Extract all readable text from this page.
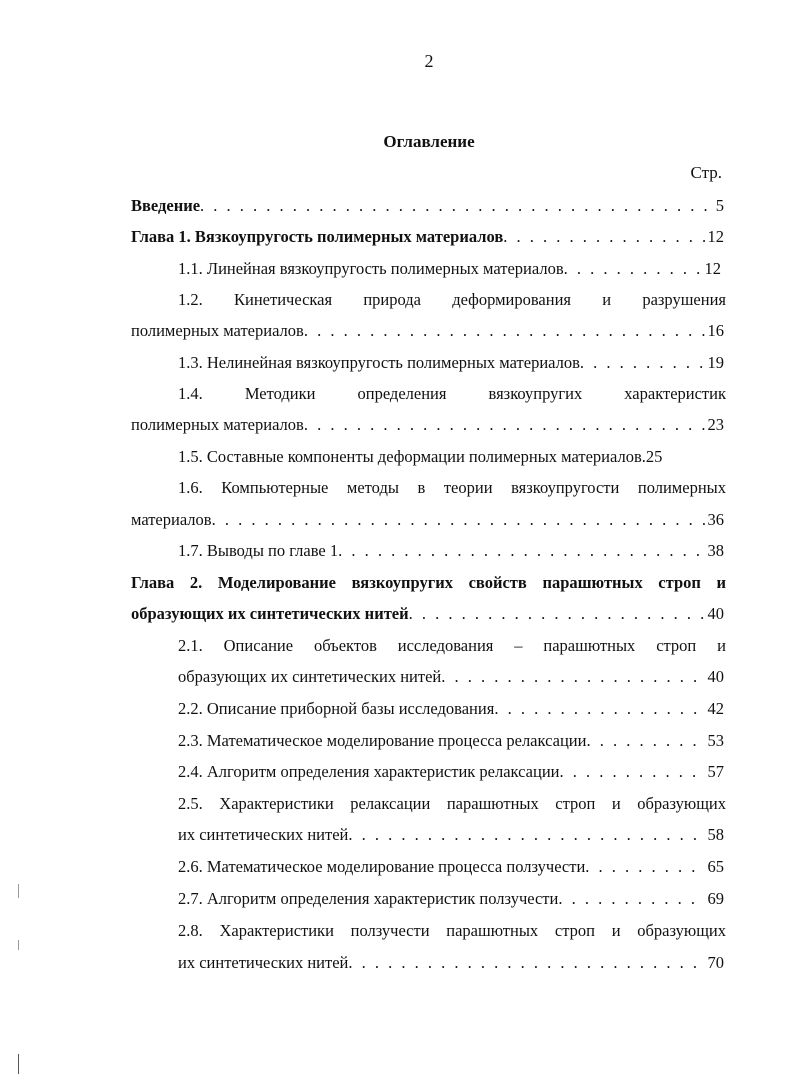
2
Оглавление
Стр.
Введение . . .	5
Глава 1. Вязкоупругость полимерных материалов . . .	12
1.1. Линейная вязкоупругость полимерных материалов . . .	12
1.2. Кинетическая природа деформирования и разрушения
полимерных материалов . . .	16
1.3. Нелинейная вязкоупругость полимерных материалов . . .	19
1.4. Методики определения вязкоупругих характеристик
полимерных материалов . . .	23
1.5. Составные компоненты деформации полимерных материалов. 25
1.6. Компьютерные методы в теории вязкоупругости полимерных
материалов . . .	36
1.7. Выводы по главе 1 . . .	38
Глава 2. Моделирование вязкоупругих свойств парашютных строп и
образующих их синтетических нитей . . .	40
2.1. Описание объектов исследования – парашютных строп и
образующих их синтетических нитей . . .	40
2.2. Описание приборной базы исследования . . .	42
2.3. Математическое моделирование процесса релаксации . . .	53
2.4. Алгоритм определения характеристик релаксации . . .	57
2.5. Характеристики релаксации парашютных строп и образующих
их синтетических нитей . . .	58
2.6. Математическое моделирование процесса ползучести . . .	65
2.7. Алгоритм определения характеристик ползучести . . .	69
2.8. Характеристики ползучести парашютных строп и образующих
их синтетических нитей . . .	70
